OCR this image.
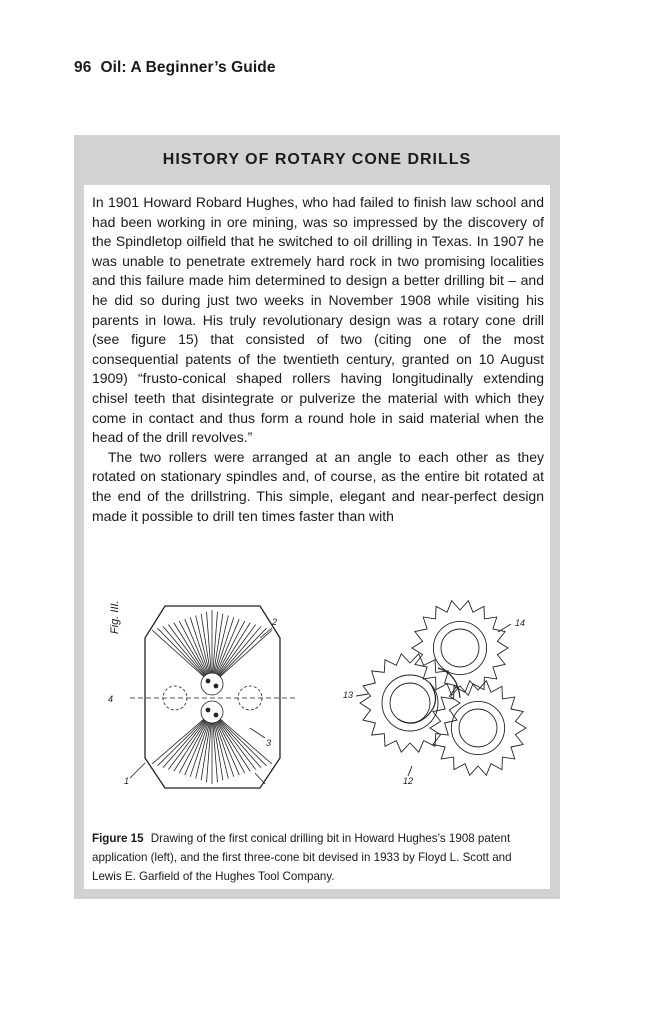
96 Oil: A Beginner’s Guide
HISTORY OF ROTARY CONE DRILLS

In 1901 Howard Robard Hughes, who had failed to finish law school and had been working in ore mining, was so impressed by the discovery of the Spindletop oilfield that he switched to oil drilling in Texas. In 1907 he was unable to penetrate extremely hard rock in two promising localities and this failure made him determined to design a better drilling bit – and he did so during just two weeks in November 1908 while visiting his parents in Iowa. His truly revolutionary design was a rotary cone drill (see figure 15) that consisted of two (citing one of the most consequential patents of the twentieth century, granted on 10 August 1909) “frusto-conical shaped rollers having longitudinally extending chisel teeth that disintegrate or pulverize the material with which they come in contact and thus form a round hole in said material when the head of the drill revolves.”

The two rollers were arranged at an angle to each other as they rotated on stationary spindles and, of course, as the entire bit rotated at the end of the drillstring. This simple, elegant and near-perfect design made it possible to drill ten times faster than with

Fig. III.
4
2
1
3
14
13
12

Figure 15 Drawing of the first conical drilling bit in Howard Hughes’s 1908 patent application (left), and the first three-cone bit devised in 1933 by Floyd L. Scott and Lewis E. Garfield of the Hughes Tool Company.
